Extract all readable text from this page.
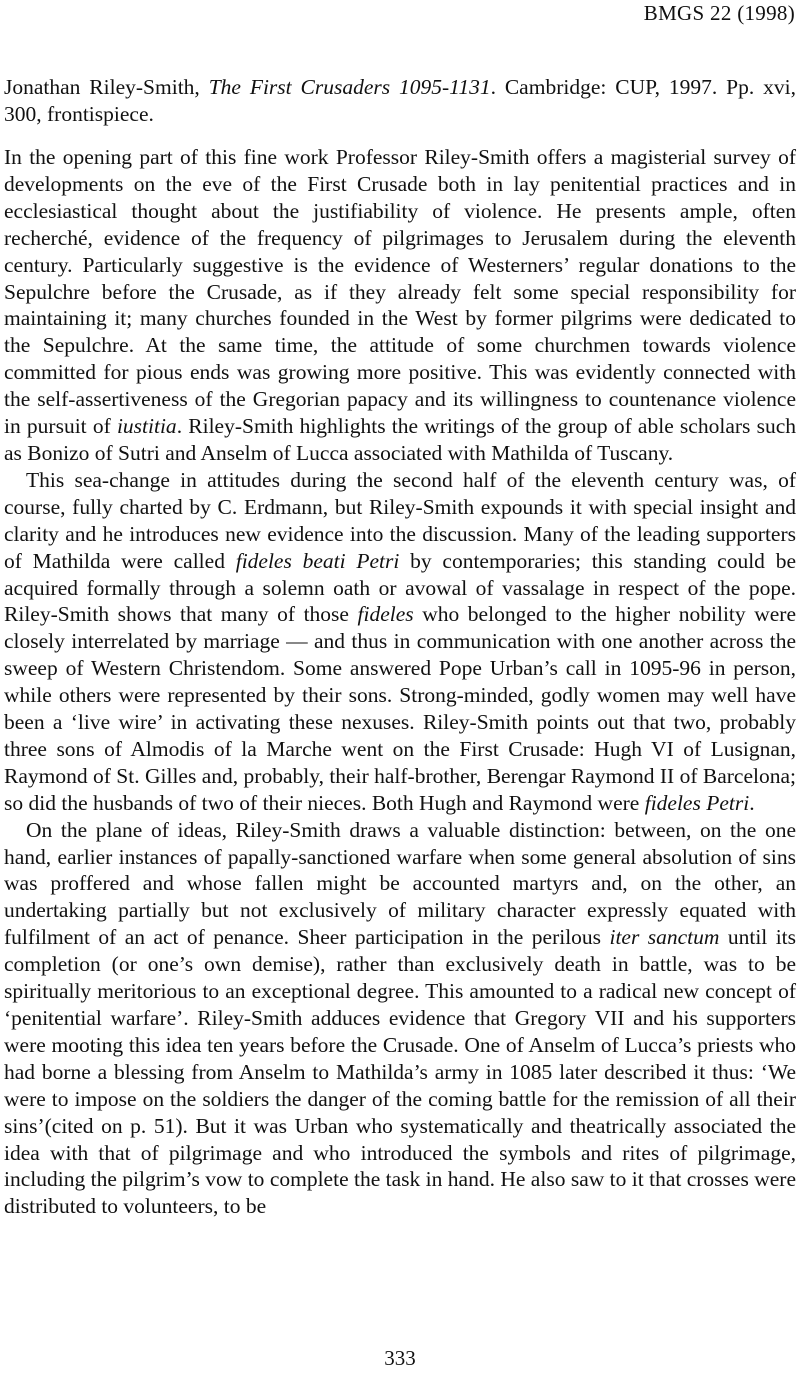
BMGS 22 (1998)

Jonathan Riley-Smith, The First Crusaders 1095-1131. Cambridge: CUP, 1997. Pp. xvi, 300, frontispiece.

In the opening part of this fine work Professor Riley-Smith offers a magisterial survey of developments on the eve of the First Crusade both in lay penitential practices and in ecclesiastical thought about the justifiability of violence. He presents ample, often recherché, evidence of the frequency of pilgrimages to Jerusalem during the eleventh century. Particularly suggestive is the evidence of Westerners’ regular donations to the Sepulchre before the Crusade, as if they already felt some special responsibility for maintaining it; many churches founded in the West by former pilgrims were dedicated to the Sepulchre. At the same time, the attitude of some churchmen towards violence committed for pious ends was growing more positive. This was evidently connected with the self-assertiveness of the Gregorian papacy and its willingness to countenance violence in pursuit of iustitia. Riley-Smith highlights the writings of the group of able scholars such as Bonizo of Sutri and Anselm of Lucca associated with Mathilda of Tuscany.

This sea-change in attitudes during the second half of the eleventh century was, of course, fully charted by C. Erdmann, but Riley-Smith expounds it with special insight and clarity and he introduces new evidence into the discussion. Many of the leading supporters of Mathilda were called fideles beati Petri by contemporaries; this standing could be acquired formally through a solemn oath or avowal of vassalage in respect of the pope. Riley-Smith shows that many of those fideles who belonged to the higher nobility were closely interrelated by marriage — and thus in communication with one another across the sweep of Western Christendom. Some answered Pope Urban’s call in 1095-96 in person, while others were represented by their sons. Strong-minded, godly women may well have been a ‘live wire’ in activating these nexuses. Riley-Smith points out that two, probably three sons of Almodis of la Marche went on the First Crusade: Hugh VI of Lusignan, Raymond of St. Gilles and, probably, their half-brother, Berengar Raymond II of Barcelona; so did the husbands of two of their nieces. Both Hugh and Raymond were fideles Petri.

On the plane of ideas, Riley-Smith draws a valuable distinction: between, on the one hand, earlier instances of papally-sanctioned warfare when some general absolution of sins was proffered and whose fallen might be accounted martyrs and, on the other, an undertaking partially but not exclusively of military character expressly equated with fulfilment of an act of penance. Sheer participation in the perilous iter sanctum until its completion (or one’s own demise), rather than exclusively death in battle, was to be spiritually meritorious to an exceptional degree. This amounted to a radical new concept of ‘penitential warfare’. Riley-Smith adduces evidence that Gregory VII and his supporters were mooting this idea ten years before the Crusade. One of Anselm of Lucca’s priests who had borne a blessing from Anselm to Mathilda’s army in 1085 later described it thus: ‘We were to impose on the soldiers the danger of the coming battle for the remission of all their sins’(cited on p. 51). But it was Urban who systematically and theatrically associated the idea with that of pilgrimage and who introduced the symbols and rites of pilgrimage, including the pilgrim’s vow to complete the task in hand. He also saw to it that crosses were distributed to volunteers, to be

333
